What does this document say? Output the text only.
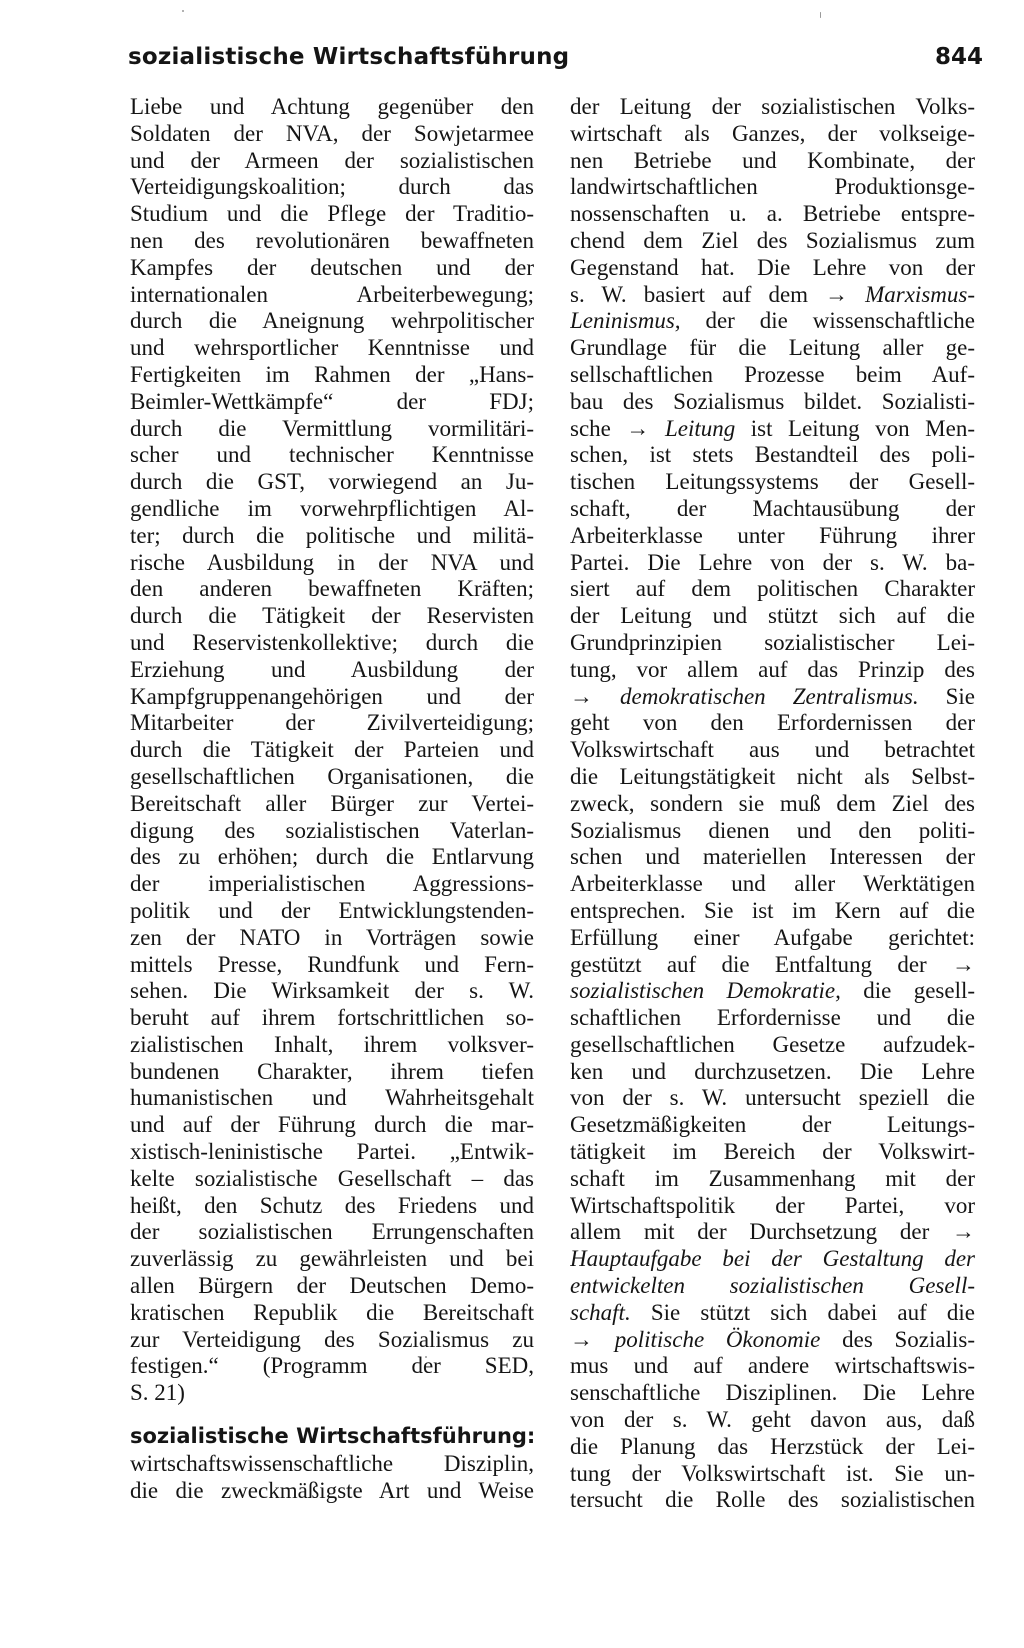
sozialistische Wirtschaftsführung	844
Liebe und Achtung gegenüber den
Soldaten der NVA, der Sowjetarmee
und der Armeen der sozialistischen
Verteidigungskoalition; durch das
Studium und die Pflege der Traditio-
nen des revolutionären bewaffneten
Kampfes der deutschen und der
internationalen Arbeiterbewegung;
durch die Aneignung wehrpolitischer
und wehrsportlicher Kenntnisse und
Fertigkeiten im Rahmen der „Hans-
Beimler-Wettkämpfe“ der FDJ;
durch die Vermittlung vormilitäri-
scher und technischer Kenntnisse
durch die GST, vorwiegend an Ju-
gendliche im vorwehrpflichtigen Al-
ter; durch die politische und militä-
rische Ausbildung in der NVA und
den anderen bewaffneten Kräften;
durch die Tätigkeit der Reservisten
und Reservistenkollektive; durch die
Erziehung und Ausbildung der
Kampfgruppenangehörigen und der
Mitarbeiter der Zivilverteidigung;
durch die Tätigkeit der Parteien und
gesellschaftlichen Organisationen, die
Bereitschaft aller Bürger zur Vertei-
digung des sozialistischen Vaterlan-
des zu erhöhen; durch die Entlarvung
der imperialistischen Aggressions-
politik und der Entwicklungstenden-
zen der NATO in Vorträgen sowie
mittels Presse, Rundfunk und Fern-
sehen. Die Wirksamkeit der s. W.
beruht auf ihrem fortschrittlichen so-
zialistischen Inhalt, ihrem volksver-
bundenen Charakter, ihrem tiefen
humanistischen und Wahrheitsgehalt
und auf der Führung durch die mar-
xistisch-leninistische Partei. „Entwik-
kelte sozialistische Gesellschaft – das
heißt, den Schutz des Friedens und
der sozialistischen Errungenschaften
zuverlässig zu gewährleisten und bei
allen Bürgern der Deutschen Demo-
kratischen Republik die Bereitschaft
zur Verteidigung des Sozialismus zu
festigen.“ (Programm der SED,
S. 21)
sozialistische Wirtschaftsführung:
wirtschaftswissenschaftliche Disziplin,
die die zweckmäßigste Art und Weise
der Leitung der sozialistischen Volks-
wirtschaft als Ganzes, der volkseige-
nen Betriebe und Kombinate, der
landwirtschaftlichen Produktionsge-
nossenschaften u. a. Betriebe entspre-
chend dem Ziel des Sozialismus zum
Gegenstand hat. Die Lehre von der
s. W. basiert auf dem → Marxismus-
Leninismus, der die wissenschaftliche
Grundlage für die Leitung aller ge-
sellschaftlichen Prozesse beim Auf-
bau des Sozialismus bildet. Sozialisti-
sche → Leitung ist Leitung von Men-
schen, ist stets Bestandteil des poli-
tischen Leitungssystems der Gesell-
schaft, der Machtausübung der
Arbeiterklasse unter Führung ihrer
Partei. Die Lehre von der s. W. ba-
siert auf dem politischen Charakter
der Leitung und stützt sich auf die
Grundprinzipien sozialistischer Lei-
tung, vor allem auf das Prinzip des
→ demokratischen Zentralismus. Sie
geht von den Erfordernissen der
Volkswirtschaft aus und betrachtet
die Leitungstätigkeit nicht als Selbst-
zweck, sondern sie muß dem Ziel des
Sozialismus dienen und den politi-
schen und materiellen Interessen der
Arbeiterklasse und aller Werktätigen
entsprechen. Sie ist im Kern auf die
Erfüllung einer Aufgabe gerichtet:
gestützt auf die Entfaltung der →
sozialistischen Demokratie, die gesell-
schaftlichen Erfordernisse und die
gesellschaftlichen Gesetze aufzudek-
ken und durchzusetzen. Die Lehre
von der s. W. untersucht speziell die
Gesetzmäßigkeiten der Leitungs-
tätigkeit im Bereich der Volkswirt-
schaft im Zusammenhang mit der
Wirtschaftspolitik der Partei, vor
allem mit der Durchsetzung der →
Hauptaufgabe bei der Gestaltung der
entwickelten sozialistischen Gesell-
schaft. Sie stützt sich dabei auf die
→ politische Ökonomie des Sozialis-
mus und auf andere wirtschaftswis-
senschaftliche Disziplinen. Die Lehre
von der s. W. geht davon aus, daß
die Planung das Herzstück der Lei-
tung der Volkswirtschaft ist. Sie un-
tersucht die Rolle des sozialistischen
